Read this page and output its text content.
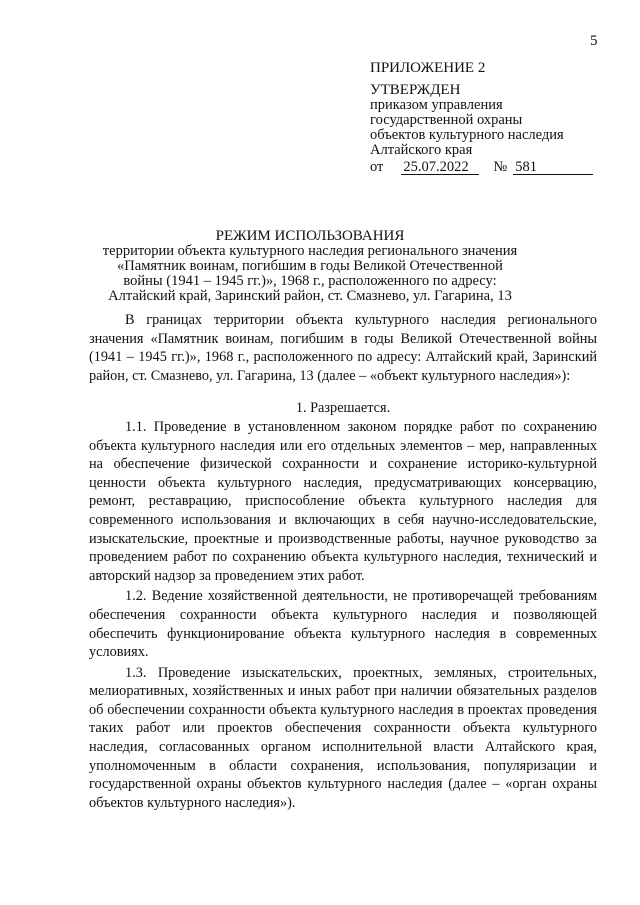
5
ПРИЛОЖЕНИЕ 2
УТВЕРЖДЕН
приказом управления
государственной охраны
объектов культурного наследия
Алтайского края
от 25.07.2022 № 581
РЕЖИМ ИСПОЛЬЗОВАНИЯ
территории объекта культурного наследия регионального значения
«Памятник воинам, погибшим в годы Великой Отечественной
войны (1941 – 1945 гг.)», 1968 г., расположенного по адресу:
Алтайский край, Заринский район, ст. Смазнево, ул. Гагарина, 13

В границах территории объекта культурного наследия регионального значения «Памятник воинам, погибшим в годы Великой Отечественной войны (1941 – 1945 гг.)», 1968 г., расположенного по адресу: Алтайский край, Заринский район, ст. Смазнево, ул. Гагарина, 13 (далее – «объект культурного наследия»):

1. Разрешается.

1.1. Проведение в установленном законом порядке работ по сохранению объекта культурного наследия или его отдельных элементов – мер, направленных на обеспечение физической сохранности и сохранение историко-культурной ценности объекта культурного наследия, предусматривающих консервацию, ремонт, реставрацию, приспособление объекта культурного наследия для современного использования и включающих в себя научно-исследовательские, изыскательские, проектные и производственные работы, научное руководство за проведением работ по сохранению объекта культурного наследия, технический и авторский надзор за проведением этих работ.

1.2. Ведение хозяйственной деятельности, не противоречащей требованиям обеспечения сохранности объекта культурного наследия и позволяющей обеспечить функционирование объекта культурного наследия в современных условиях.

1.3. Проведение изыскательских, проектных, земляных, строительных, мелиоративных, хозяйственных и иных работ при наличии обязательных разделов об обеспечении сохранности объекта культурного наследия в проектах проведения таких работ или проектов обеспечения сохранности объекта культурного наследия, согласованных органом исполнительной власти Алтайского края, уполномоченным в области сохранения, использования, популяризации и государственной охраны объектов культурного наследия (далее – «орган охраны объектов культурного наследия»).
